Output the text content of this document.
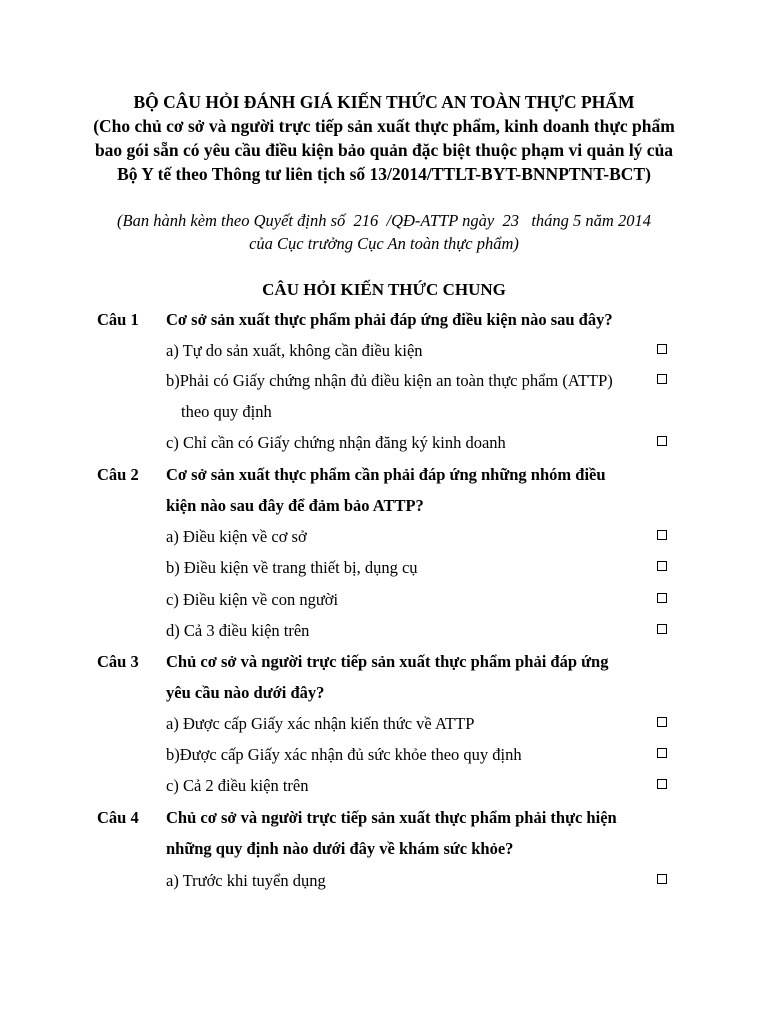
BỘ CÂU HỎI ĐÁNH GIÁ KIẾN THỨC AN TOÀN THỰC PHẨM
(Cho chủ cơ sở và người trực tiếp sản xuất thực phẩm, kinh doanh thực phẩm
bao gói sẵn có yêu cầu điều kiện bảo quản đặc biệt thuộc phạm vi quản lý của
Bộ Y tế theo Thông tư liên tịch số 13/2014/TTLT-BYT-BNNPTNT-BCT)
(Ban hành kèm theo Quyết định số  216  /QĐ-ATTP ngày  23   tháng 5 năm 2014
của Cục trưởng Cục An toàn thực phẩm)
CÂU HỎI KIẾN THỨC CHUNG
Câu 1 Cơ sở sản xuất thực phẩm phải đáp ứng điều kiện nào sau đây?
a) Tự do sản xuất, không cần điều kiện
b)Phải có Giấy chứng nhận đủ điều kiện an toàn thực phẩm (ATTP)
theo quy định
c) Chỉ cần có Giấy chứng nhận đăng ký kinh doanh
Câu 2 Cơ sở sản xuất thực phẩm cần phải đáp ứng những nhóm điều
kiện nào sau đây để đảm bảo ATTP?
a) Điều kiện về cơ sở
b) Điều kiện về trang thiết bị, dụng cụ
c) Điều kiện về con người
d) Cả 3 điều kiện trên
Câu 3 Chủ cơ sở và người trực tiếp sản xuất thực phẩm phải đáp ứng
yêu cầu nào dưới đây?
a) Được cấp Giấy xác nhận kiến thức về ATTP
b)Được cấp Giấy xác nhận đủ sức khỏe theo quy định
c) Cả 2 điều kiện trên
Câu 4 Chủ cơ sở và người trực tiếp sản xuất thực phẩm phải thực hiện
những quy định nào dưới đây về khám sức khỏe?
a) Trước khi tuyển dụng
